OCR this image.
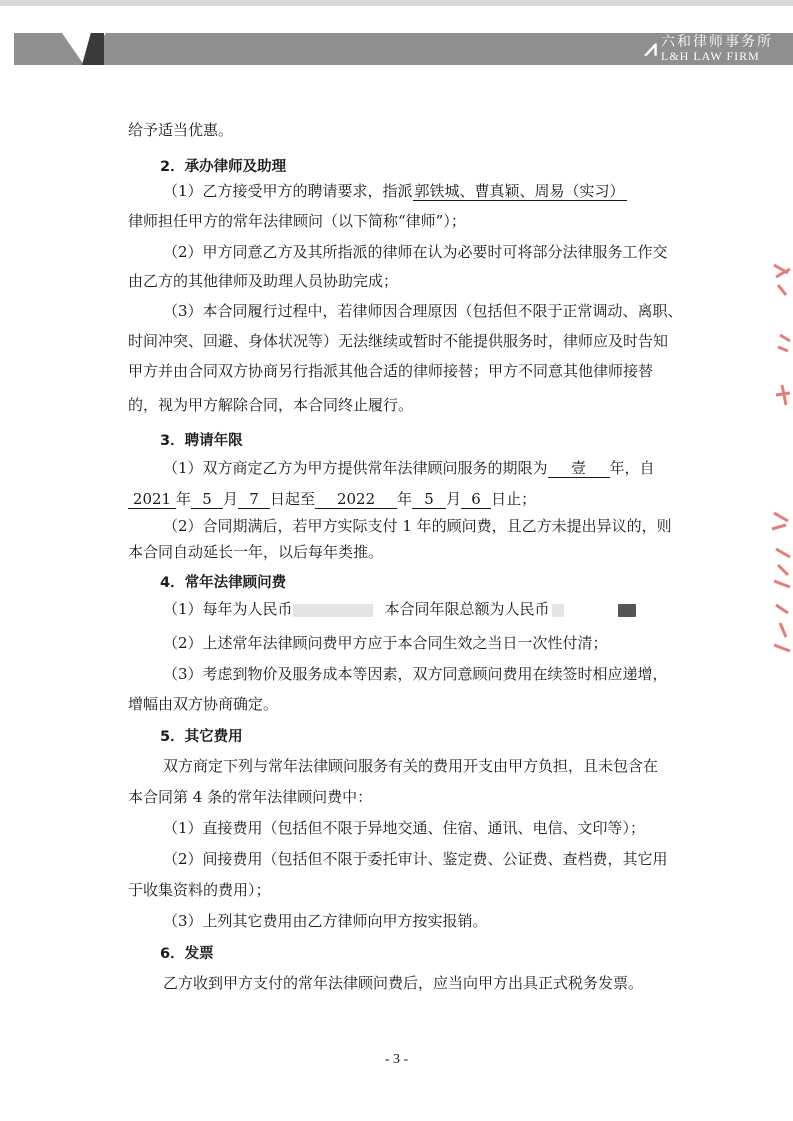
⩘ 六和律师事务所
L&H LAW FIRM
给予适当优惠。
2．承办律师及助理
（1）乙方接受甲方的聘请要求，指派 郭铁城、曹真颖、周易（实习）
律师担任甲方的常年法律顾问（以下简称“律师”）；
（2）甲方同意乙方及其所指派的律师在认为必要时可将部分法律服务工作交
由乙方的其他律师及助理人员协助完成；
（3）本合同履行过程中，若律师因合理原因（包括但不限于正常调动、离职、
时间冲突、回避、身体状况等）无法继续或暂时不能提供服务时，律师应及时告知
甲方并由合同双方协商另行指派其他合适的律师接替；甲方不同意其他律师接替
的，视为甲方解除合同，本合同终止履行。
3．聘请年限
（1）双方商定乙方为甲方提供常年法律顾问服务的期限为 壹 年，自
2021 年 5 月 7 日起至 2022 年 5 月 6 日止；
（2）合同期满后，若甲方实际支付 1 年的顾问费，且乙方未提出异议的，则
本合同自动延长一年，以后每年类推。
4．常年法律顾问费
（1）每年为人民币	本合同年限总额为人民币
（2）上述常年法律顾问费甲方应于本合同生效之当日一次性付清；
（3）考虑到物价及服务成本等因素，双方同意顾问费用在续签时相应递增，
增幅由双方协商确定。
5．其它费用
双方商定下列与常年法律顾问服务有关的费用开支由甲方负担，且未包含在
本合同第 4 条的常年法律顾问费中：
（1）直接费用（包括但不限于异地交通、住宿、通讯、电信、文印等）；
（2）间接费用（包括但不限于委托审计、鉴定费、公证费、查档费，其它用
于收集资料的费用）；
（3）上列其它费用由乙方律师向甲方按实报销。
6．发票
乙方收到甲方支付的常年法律顾问费后，应当向甲方出具正式税务发票。
- 3 -
